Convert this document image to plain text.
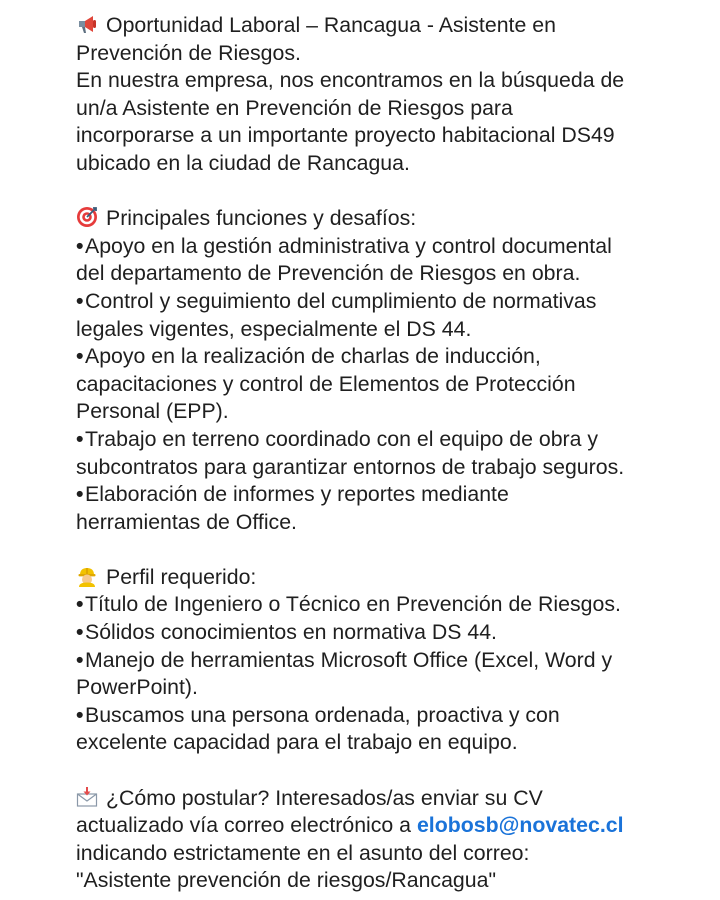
Oportunidad Laboral – Rancagua - Asistente en
Prevención de Riesgos.
En nuestra empresa, nos encontramos en la búsqueda de
un/a Asistente en Prevención de Riesgos para
incorporarse a un importante proyecto habitacional DS49
ubicado en la ciudad de Rancagua.
Principales funciones y desafíos:
•Apoyo en la gestión administrativa y control documental
del departamento de Prevención de Riesgos en obra.
•Control y seguimiento del cumplimiento de normativas
legales vigentes, especialmente el DS 44.
•Apoyo en la realización de charlas de inducción,
capacitaciones y control de Elementos de Protección
Personal (EPP).
•Trabajo en terreno coordinado con el equipo de obra y
subcontratos para garantizar entornos de trabajo seguros.
•Elaboración de informes y reportes mediante
herramientas de Office.
Perfil requerido:
•Título de Ingeniero o Técnico en Prevención de Riesgos.
•Sólidos conocimientos en normativa DS 44.
•Manejo de herramientas Microsoft Office (Excel, Word y
PowerPoint).
•Buscamos una persona ordenada, proactiva y con
excelente capacidad para el trabajo en equipo.
¿Cómo postular? Interesados/as enviar su CV
actualizado vía correo electrónico a elobosb@novatec.cl
indicando estrictamente en el asunto del correo:
"Asistente prevención de riesgos/Rancagua"
